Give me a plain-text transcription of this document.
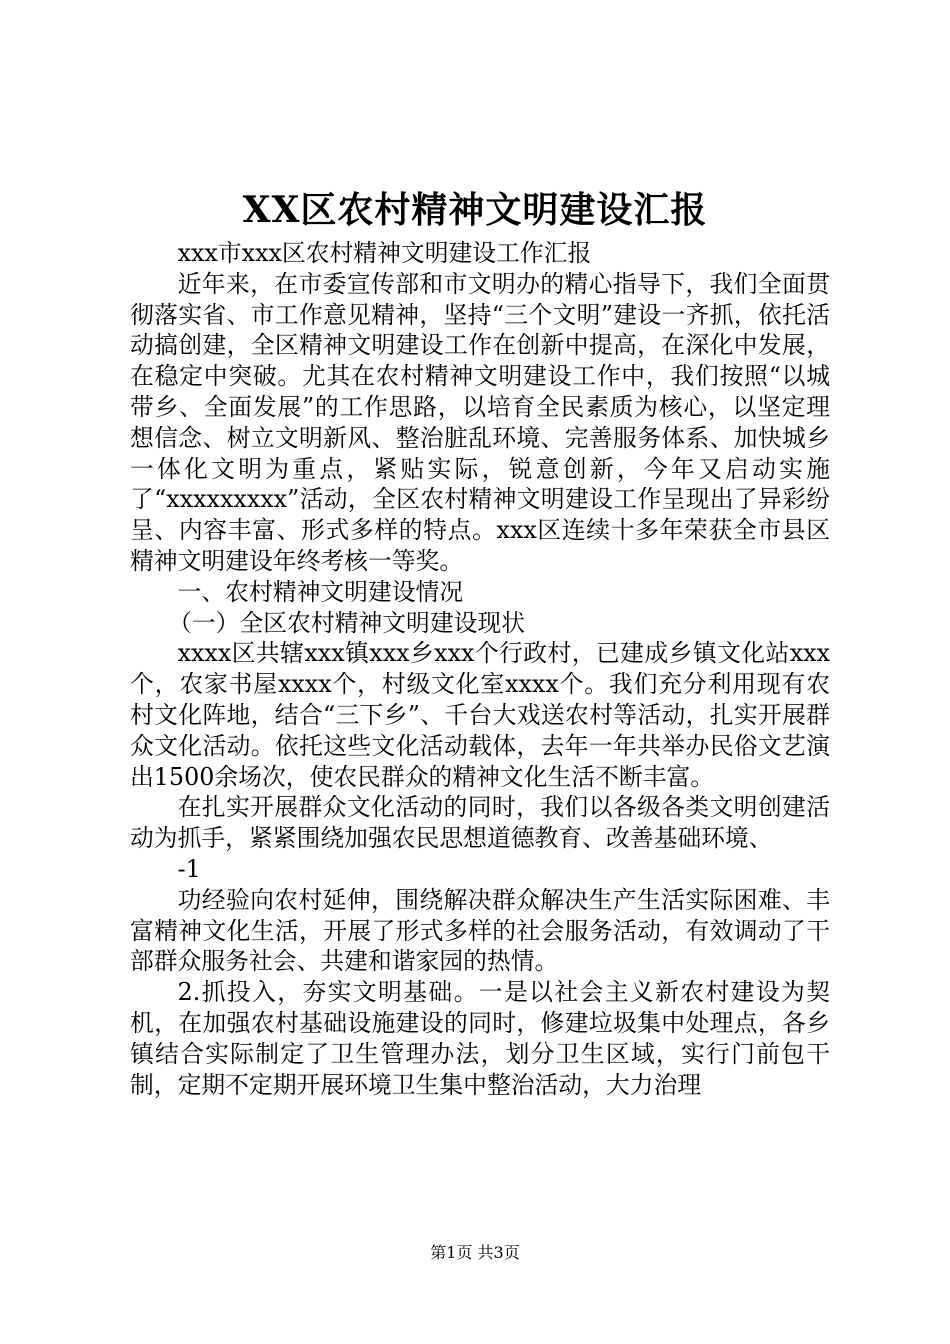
XX区农村精神文明建设汇报

xxx市xxx区农村精神文明建设工作汇报

近年来，在市委宣传部和市文明办的精心指导下，我们全面贯彻落实省、市工作意见精神，坚持“三个文明”建设一齐抓，依托活动搞创建，全区精神文明建设工作在创新中提高，在深化中发展，在稳定中突破。尤其在农村精神文明建设工作中，我们按照“以城带乡、全面发展”的工作思路，以培育全民素质为核心，以坚定理想信念、树立文明新风、整治脏乱环境、完善服务体系、加快城乡一体化文明为重点，紧贴实际，锐意创新，今年又启动实施了“xxxxxxxxx”活动，全区农村精神文明建设工作呈现出了异彩纷呈、内容丰富、形式多样的特点。xxx区连续十多年荣获全市县区精神文明建设年终考核一等奖。

一、农村精神文明建设情况

（一）全区农村精神文明建设现状

xxxx区共辖xxx镇xxx乡xxx个行政村，已建成乡镇文化站xxx个，农家书屋xxxx个，村级文化室xxxx个。我们充分利用现有农村文化阵地，结合“三下乡”、千台大戏送农村等活动，扎实开展群众文化活动。依托这些文化活动载体，去年一年共举办民俗文艺演出1500余场次，使农民群众的精神文化生活不断丰富。

在扎实开展群众文化活动的同时，我们以各级各类文明创建活动为抓手，紧紧围绕加强农民思想道德教育、改善基础环境、

-1

功经验向农村延伸，围绕解决群众解决生产生活实际困难、丰富精神文化生活，开展了形式多样的社会服务活动，有效调动了干部群众服务社会、共建和谐家园的热情。

2.抓投入，夯实文明基础。一是以社会主义新农村建设为契机，在加强农村基础设施建设的同时，修建垃圾集中处理点，各乡镇结合实际制定了卫生管理办法，划分卫生区域，实行门前包干制，定期不定期开展环境卫生集中整治活动，大力治理

第1页 共3页
